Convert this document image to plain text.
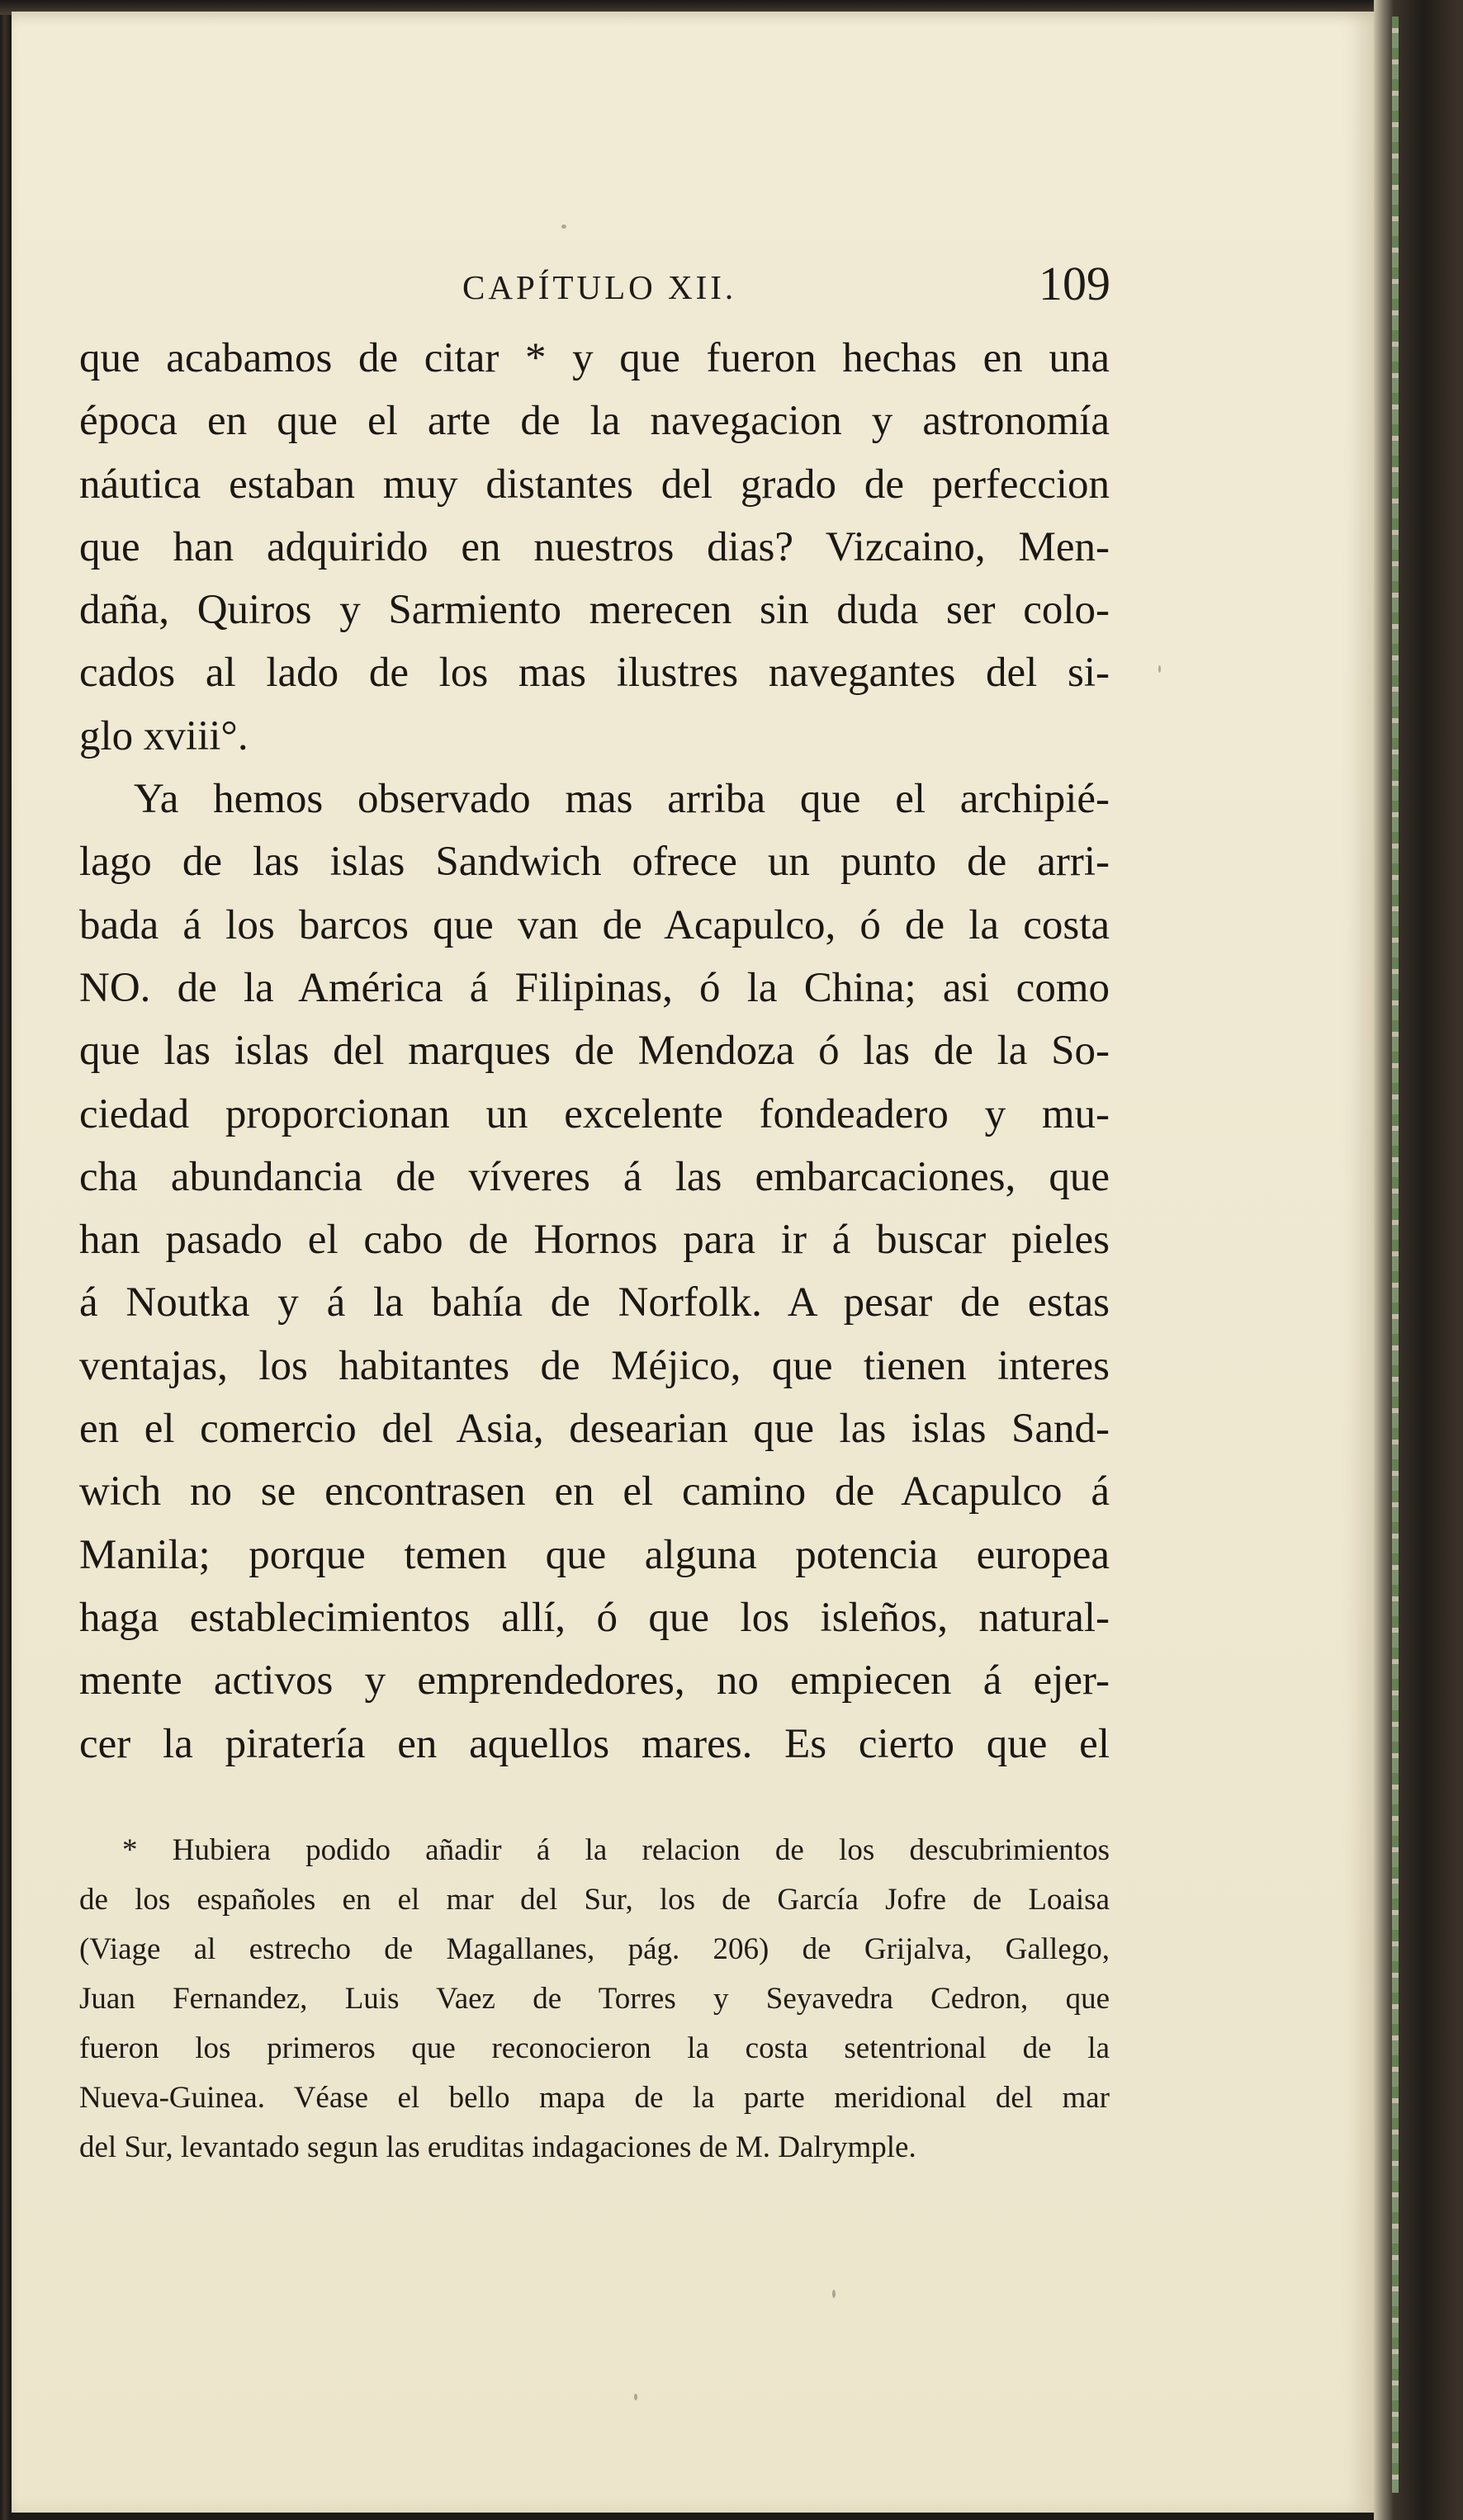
CAPÍTULO XII.	109
que acabamos de citar * y que fueron hechas en una
época en que el arte de la navegacion y astronomía
náutica estaban muy distantes del grado de perfeccion
que han adquirido en nuestros dias? Vizcaino, Men-
daña, Quiros y Sarmiento merecen sin duda ser colo-
cados al lado de los mas ilustres navegantes del si-
glo xviii°.
Ya hemos observado mas arriba que el archipié-
lago de las islas Sandwich ofrece un punto de arri-
bada á los barcos que van de Acapulco, ó de la costa
NO. de la América á Filipinas, ó la China; asi como
que las islas del marques de Mendoza ó las de la So-
ciedad proporcionan un excelente fondeadero y mu-
cha abundancia de víveres á las embarcaciones, que
han pasado el cabo de Hornos para ir á buscar pieles
á Noutka y á la bahía de Norfolk. A pesar de estas
ventajas, los habitantes de Méjico, que tienen interes
en el comercio del Asia, desearian que las islas Sand-
wich no se encontrasen en el camino de Acapulco á
Manila; porque temen que alguna potencia europea
haga establecimientos allí, ó que los isleños, natural-
mente activos y emprendedores, no empiecen á ejer-
cer la piratería en aquellos mares. Es cierto que el
* Hubiera podido añadir á la relacion de los descubrimientos
de los españoles en el mar del Sur, los de García Jofre de Loaisa
(Viage al estrecho de Magallanes, pág. 206) de Grijalva, Gallego,
Juan Fernandez, Luis Vaez de Torres y Seyavedra Cedron, que
fueron los primeros que reconocieron la costa setentrional de la
Nueva-Guinea. Véase el bello mapa de la parte meridional del mar
del Sur, levantado segun las eruditas indagaciones de M. Dalrymple.
